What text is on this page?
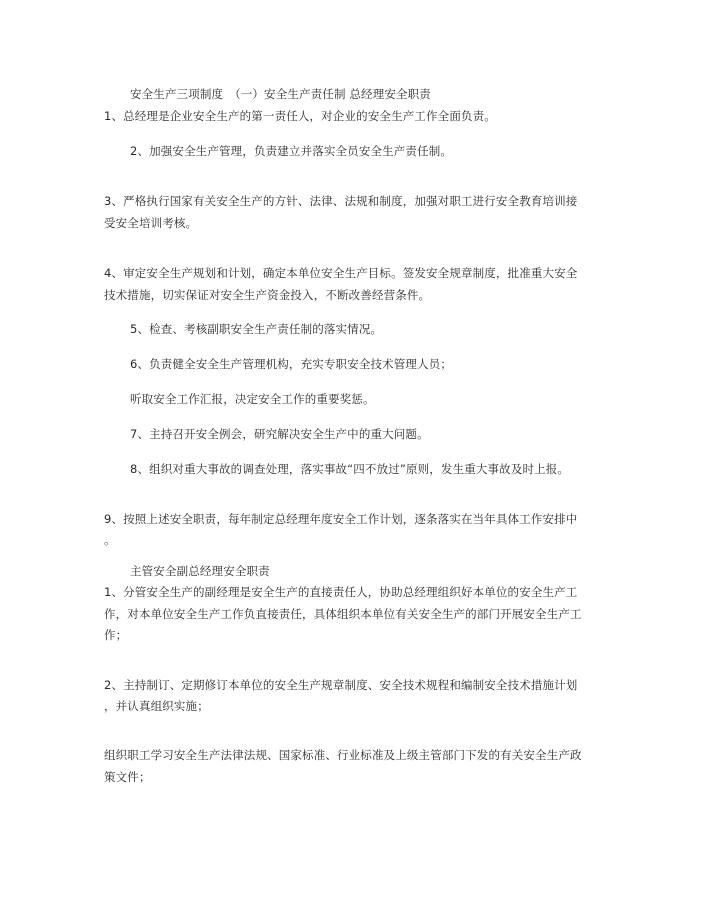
安全生产三项制度　（一）安全生产责任制 总经理安全职责
1、总经理是企业安全生产的第一责任人，对企业的安全生产工作全面负责。
2、加强安全生产管理，负责建立并落实全员安全生产责任制。
3、严格执行国家有关安全生产的方针、法律、法规和制度，加强对职工进行安全教育培训接
受安全培训考核。
4、审定安全生产规划和计划，确定本单位安全生产目标。签发安全规章制度，批准重大安全
技术措施，切实保证对安全生产资金投入，不断改善经营条件。
5、检查、考核副职安全生产责任制的落实情况。
6、负责健全安全生产管理机构，充实专职安全技术管理人员；
听取安全工作汇报，决定安全工作的重要奖惩。
7、主持召开安全例会，研究解决安全生产中的重大问题。
8、组织对重大事故的调查处理，落实事故“四不放过”原则，发生重大事故及时上报。
9、按照上述安全职责，每年制定总经理年度安全工作计划，逐条落实在当年具体工作安排中
。
主管安全副总经理安全职责
1、分管安全生产的副经理是安全生产的直接责任人，协助总经理组织好本单位的安全生产工
作，对本单位安全生产工作负直接责任，具体组织本单位有关安全生产的部门开展安全生产工
作；
2、主持制订、定期修订本单位的安全生产规章制度、安全技术规程和编制安全技术措施计划
，并认真组织实施；
组织职工学习安全生产法律法规、国家标准、行业标准及上级主管部门下发的有关安全生产政
策文件；
